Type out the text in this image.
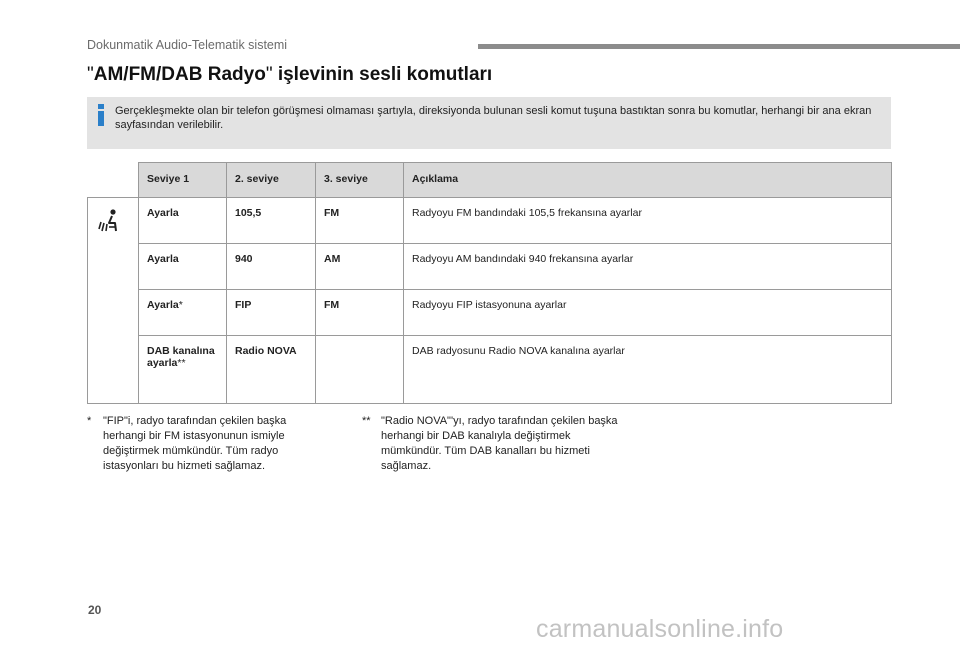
Dokunmatik Audio-Telematik sistemi
"AM/FM/DAB Radyo" işlevinin sesli komutları
Gerçekleşmekte olan bir telefon görüşmesi olmaması şartıyla, direksiyonda bulunan sesli komut tuşuna bastıktan sonra bu komutlar, herhangi bir ana ekran sayfasından verilebilir.
	Seviye 1	2. seviye	3. seviye	Açıklama
	Ayarla	105,5	FM	Radyoyu FM bandındaki 105,5 frekansına ayarlar
	Ayarla	940	AM	Radyoyu AM bandındaki 940 frekansına ayarlar
	Ayarla*	FIP	FM	Radyoyu FIP istasyonuna ayarlar
	DAB kanalına ayarla**	Radio NOVA		DAB radyosunu Radio NOVA kanalına ayarlar
* "FIP"i, radyo tarafından çekilen başka herhangi bir FM istasyonunun ismiyle değiştirmek mümkündür. Tüm radyo istasyonları bu hizmeti sağlamaz.
** "Radio NOVA"'yı, radyo tarafından çekilen başka herhangi bir DAB kanalıyla değiştirmek mümkündür. Tüm DAB kanalları bu hizmeti sağlamaz.
20
carmanualsonline.info
